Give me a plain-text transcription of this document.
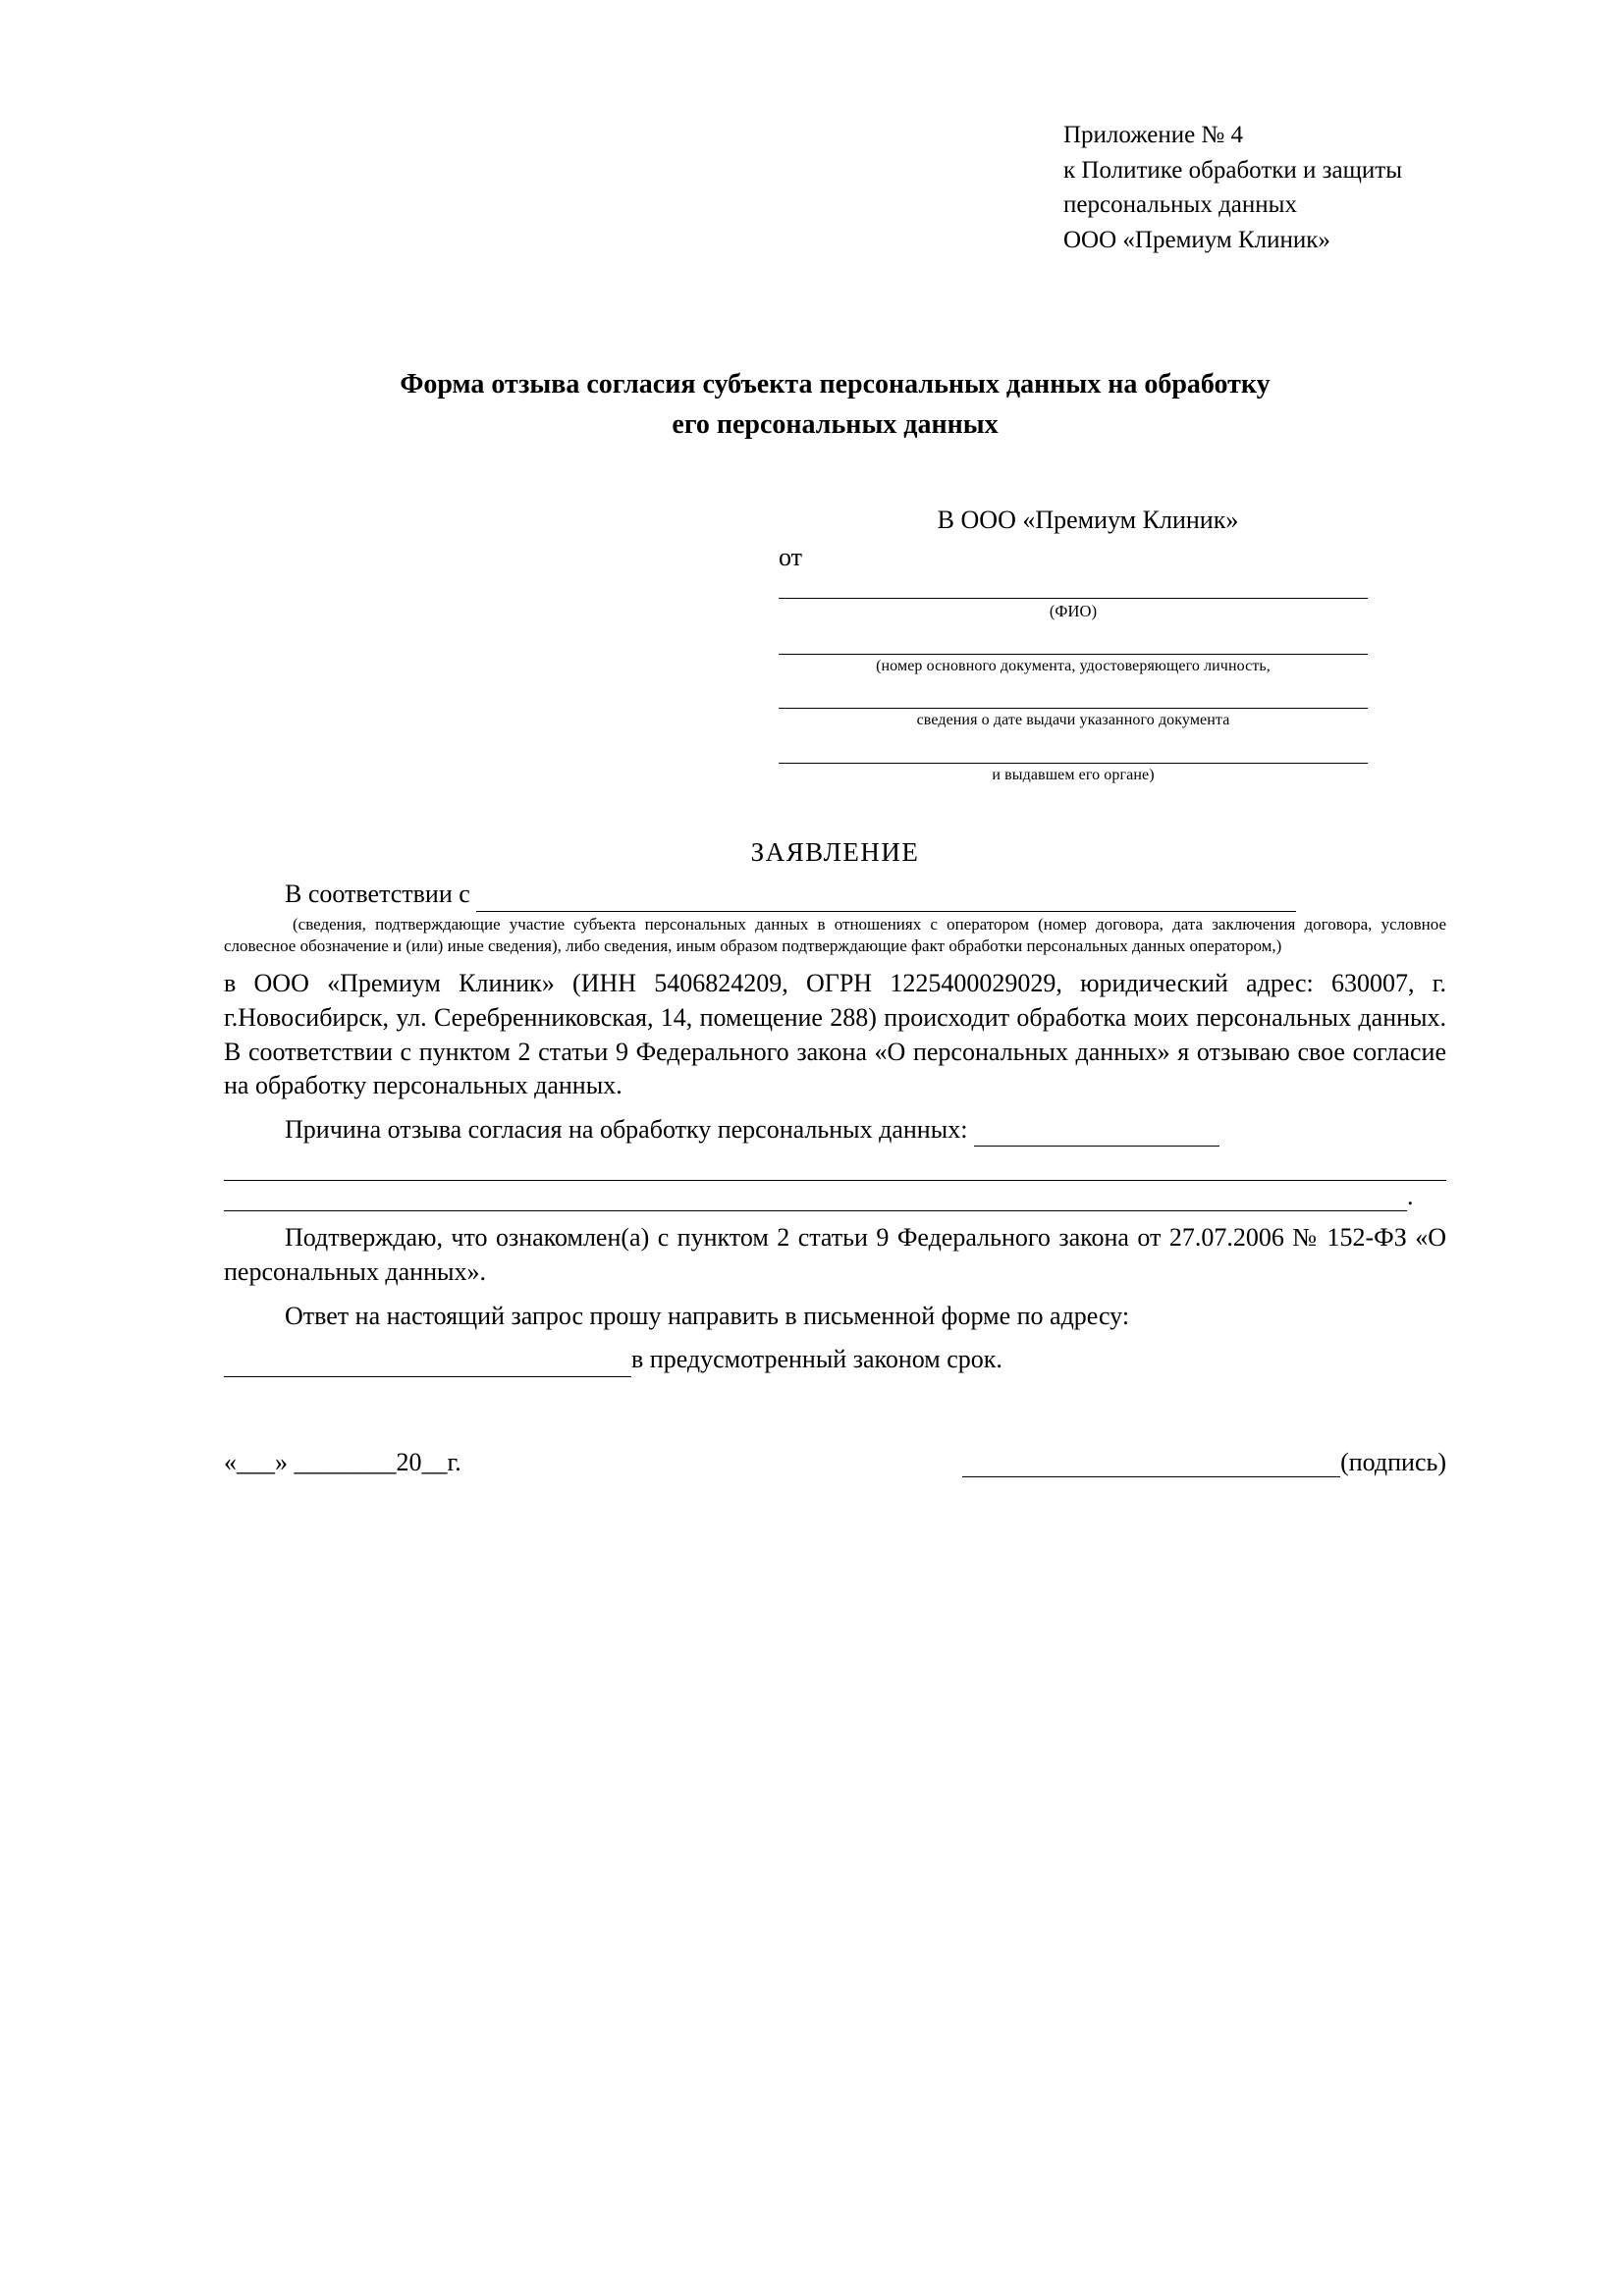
Приложение № 4
к Политике обработки и защиты
персональных данных
ООО «Премиум Клиник»
Форма отзыва согласия субъекта персональных данных на обработку
его персональных данных
В ООО «Премиум Клиник»
от
(ФИО)
(номер основного документа, удостоверяющего личность,
сведения о дате выдачи указанного документа
и выдавшем его органе)
ЗАЯВЛЕНИЕ
В соответствии с
(сведения, подтверждающие участие субъекта персональных данных в отношениях с оператором (номер договора, дата заключения договора, условное словесное обозначение и (или) иные сведения), либо сведения, иным образом подтверждающие факт обработки персональных данных оператором,)
в ООО «Премиум Клиник» (ИНН 5406824209, ОГРН 1225400029029, юридический адрес: 630007, г. г.Новосибирск, ул. Серебренниковская, 14, помещение 288) происходит обработка моих персональных данных. В соответствии с пунктом 2 статьи 9 Федерального закона «О персональных данных» я отзываю свое согласие на обработку персональных данных.
Причина отзыва согласия на обработку персональных данных:
.
Подтверждаю, что ознакомлен(а) с пунктом 2 статьи 9 Федерального закона от 27.07.2006 № 152-ФЗ «О персональных данных».
Ответ на настоящий запрос прошу направить в письменной форме по адресу:
в предусмотренный законом срок.
«___» ________20__г.	(подпись)
